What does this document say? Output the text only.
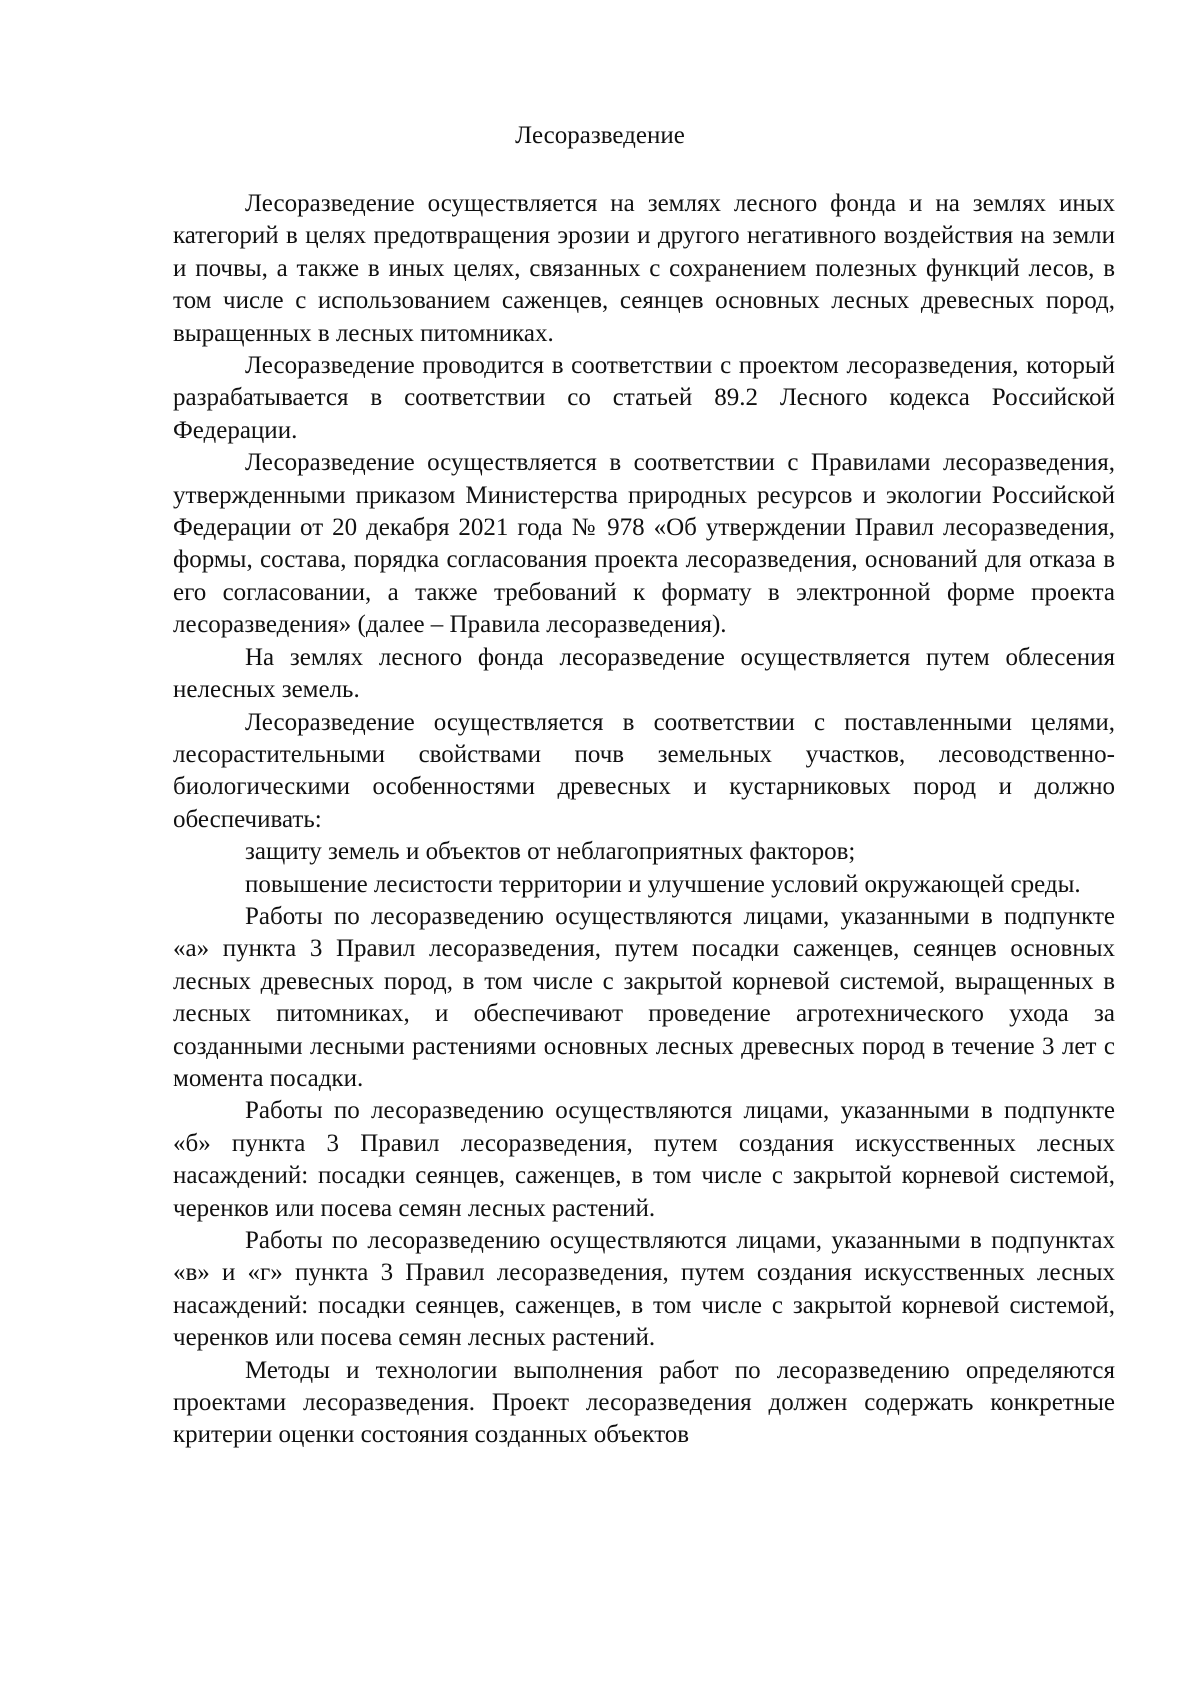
Лесоразведение

Лесоразведение осуществляется на землях лесного фонда и на землях иных категорий в целях предотвращения эрозии и другого негативного воздействия на земли и почвы, а также в иных целях, связанных с сохранением полезных функций лесов, в том числе с использованием саженцев, сеянцев основных лесных древесных пород, выращенных в лесных питомниках.

Лесоразведение проводится в соответствии с проектом лесоразведения, который разрабатывается в соответствии со статьей 89.2 Лесного кодекса Российской Федерации.

Лесоразведение осуществляется в соответствии с Правилами лесоразведения, утвержденными приказом Министерства природных ресурсов и экологии Российской Федерации от 20 декабря 2021 года № 978 «Об утверждении Правил лесоразведения, формы, состава, порядка согласования проекта лесоразведения, оснований для отказа в его согласовании, а также требований к формату в электронной форме проекта лесоразведения» (далее – Правила лесоразведения).

На землях лесного фонда лесоразведение осуществляется путем облесения нелесных земель.

Лесоразведение осуществляется в соответствии с поставленными целями, лесорастительными свойствами почв земельных участков, лесоводственно-биологическими особенностями древесных и кустарниковых пород и должно обеспечивать:

защиту земель и объектов от неблагоприятных факторов;

повышение лесистости территории и улучшение условий окружающей среды.

Работы по лесоразведению осуществляются лицами, указанными в подпункте «а» пункта 3 Правил лесоразведения, путем посадки саженцев, сеянцев основных лесных древесных пород, в том числе с закрытой корневой системой, выращенных в лесных питомниках, и обеспечивают проведение агротехнического ухода за созданными лесными растениями основных лесных древесных пород в течение 3 лет с момента посадки.

Работы по лесоразведению осуществляются лицами, указанными в подпункте «б» пункта 3 Правил лесоразведения, путем создания искусственных лесных насаждений: посадки сеянцев, саженцев, в том числе с закрытой корневой системой, черенков или посева семян лесных растений.

Работы по лесоразведению осуществляются лицами, указанными в подпунктах «в» и «г» пункта 3 Правил лесоразведения, путем создания искусственных лесных насаждений: посадки сеянцев, саженцев, в том числе с закрытой корневой системой, черенков или посева семян лесных растений.

Методы и технологии выполнения работ по лесоразведению определяются проектами лесоразведения. Проект лесоразведения должен содержать конкретные критерии оценки состояния созданных объектов
